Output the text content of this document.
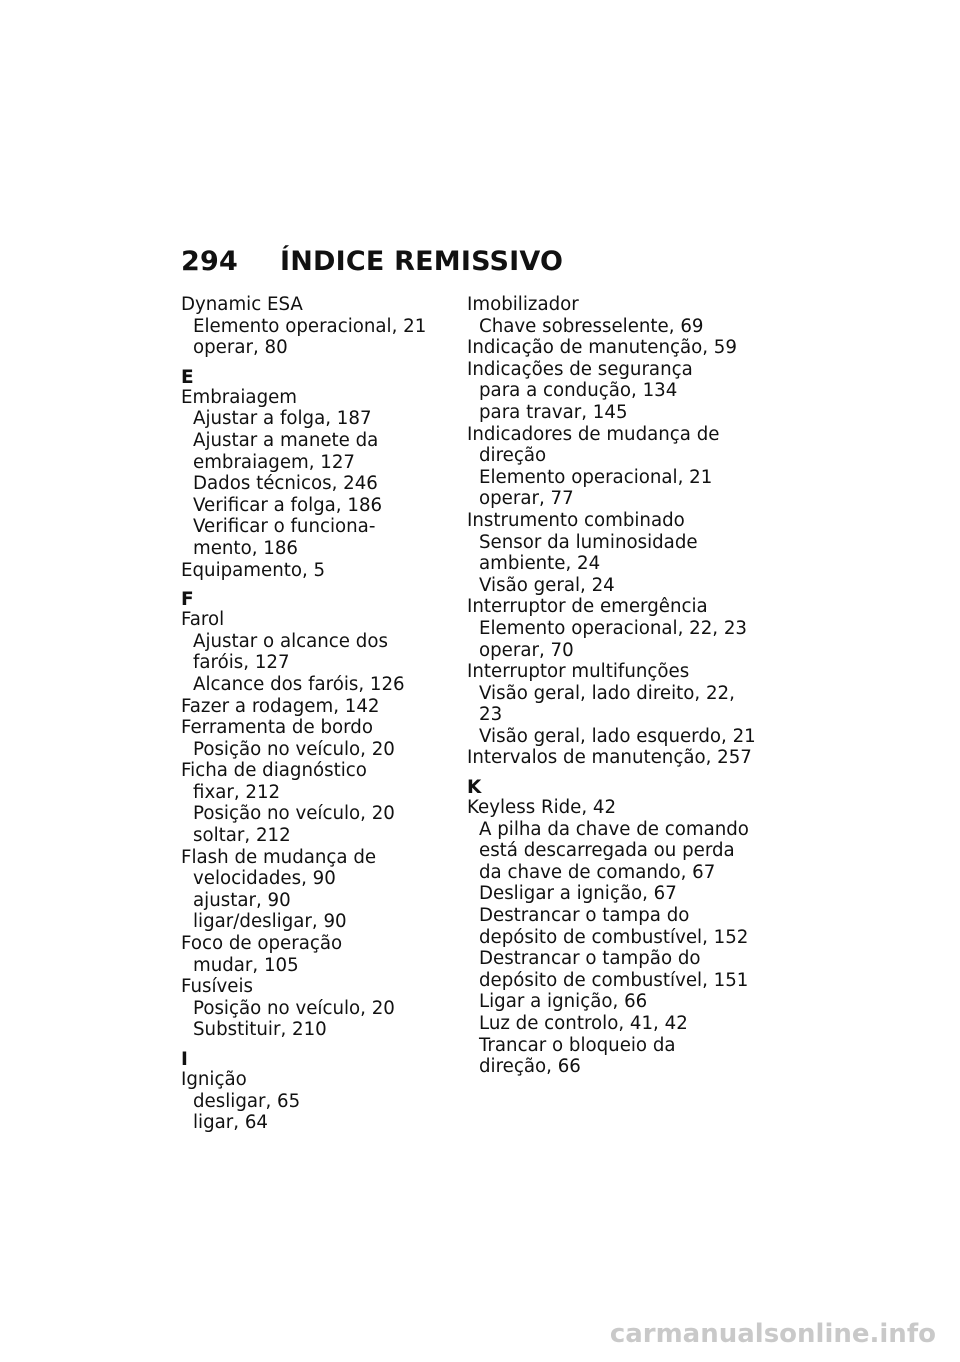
294 ÍNDICE REMISSIVO
Dynamic ESA
Elemento operacional, 21
operar, 80
E
Embraiagem
Ajustar a folga, 187
Ajustar a manete da
embraiagem, 127
Dados técnicos, 246
Verificar a folga, 186
Verificar o funciona-
mento, 186
Equipamento, 5
F
Farol
Ajustar o alcance dos
faróis, 127
Alcance dos faróis, 126
Fazer a rodagem, 142
Ferramenta de bordo
Posição no veículo, 20
Ficha de diagnóstico
fixar, 212
Posição no veículo, 20
soltar, 212
Flash de mudança de
velocidades, 90
ajustar, 90
ligar/desligar, 90
Foco de operação
mudar, 105
Fusíveis
Posição no veículo, 20
Substituir, 210
I
Ignição
desligar, 65
ligar, 64
Imobilizador
Chave sobresselente, 69
Indicação de manutenção, 59
Indicações de segurança
para a condução, 134
para travar, 145
Indicadores de mudança de
direção
Elemento operacional, 21
operar, 77
Instrumento combinado
Sensor da luminosidade
ambiente, 24
Visão geral, 24
Interruptor de emergência
Elemento operacional, 22, 23
operar, 70
Interruptor multifunções
Visão geral, lado direito, 22,
23
Visão geral, lado esquerdo, 21
Intervalos de manutenção, 257
K
Keyless Ride, 42
A pilha da chave de comando
está descarregada ou perda
da chave de comando, 67
Desligar a ignição, 67
Destrancar o tampa do
depósito de combustível, 152
Destrancar o tampão do
depósito de combustível, 151
Ligar a ignição, 66
Luz de controlo, 41, 42
Trancar o bloqueio da
direção, 66
carmanualsonline.info
